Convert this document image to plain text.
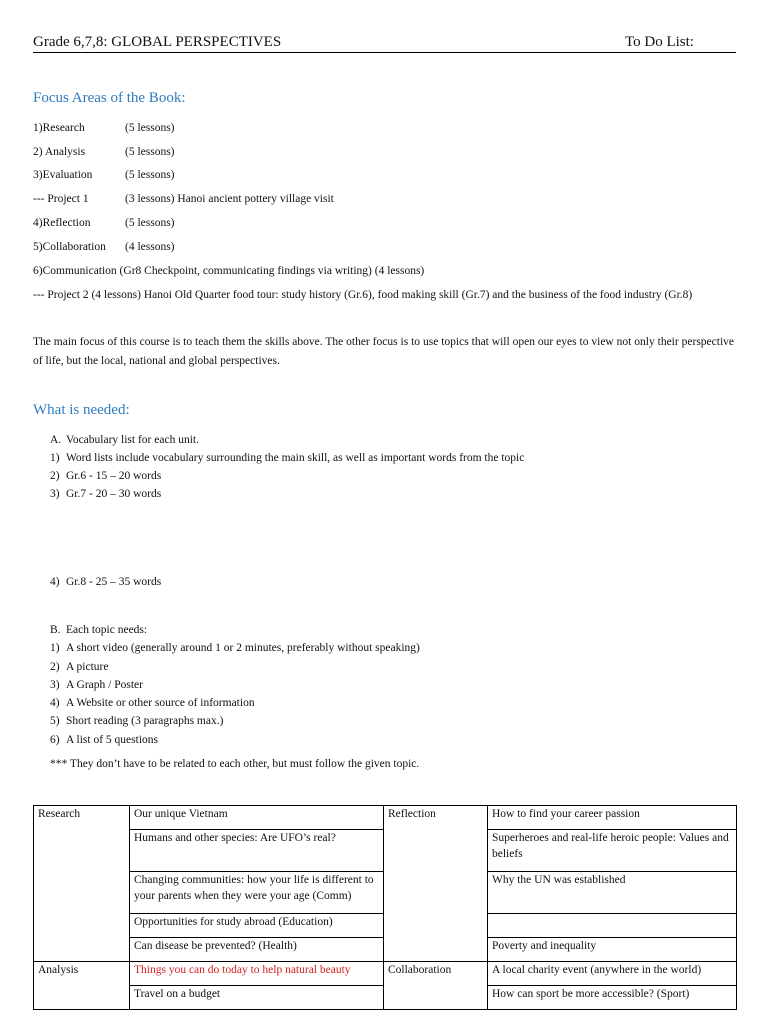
Grade 6,7,8: GLOBAL PERSPECTIVES	To Do List:
Focus Areas of the Book:
1)Research	(5 lessons)
2) Analysis	(5 lessons)
3)Evaluation	(5 lessons)
--- Project 1	(3 lessons) Hanoi ancient pottery village visit
4)Reflection	(5 lessons)
5)Collaboration (4 lessons)
6)Communication (Gr8 Checkpoint, communicating findings via writing) (4 lessons)
--- Project 2 (4 lessons) Hanoi Old Quarter food tour: study history (Gr.6), food making skill (Gr.7) and the business of the food industry (Gr.8)
The main focus of this course is to teach them the skills above. The other focus is to use topics that will open our eyes to view not only their perspective of life, but the local, national and global perspectives.
What is needed:
A. Vocabulary list for each unit.
1) Word lists include vocabulary surrounding the main skill, as well as important words from the topic
2) Gr.6 - 15 – 20 words
3) Gr.7 - 20 – 30 words
4) Gr.8 - 25 – 35 words
B. Each topic needs:
1) A short video (generally around 1 or 2 minutes, preferably without speaking)
2) A picture
3) A Graph / Poster
4) A Website or other source of information
5) Short reading (3 paragraphs max.)
6) A list of 5 questions
*** They don’t have to be related to each other, but must follow the given topic.
Research	Our unique Vietnam	Reflection	How to find your career passion
	Humans and other species: Are UFO’s real?		Superheroes and real-life heroic people: Values and beliefs
	Changing communities: how your life is different to your parents when they were your age (Comm)		Why the UN was established
	Opportunities for study abroad (Education)		
	Can disease be prevented? (Health)		Poverty and inequality
Analysis	Things you can do today to help natural beauty	Collaboration	A local charity event (anywhere in the world)
	Travel on a budget		How can sport be more accessible? (Sport)
